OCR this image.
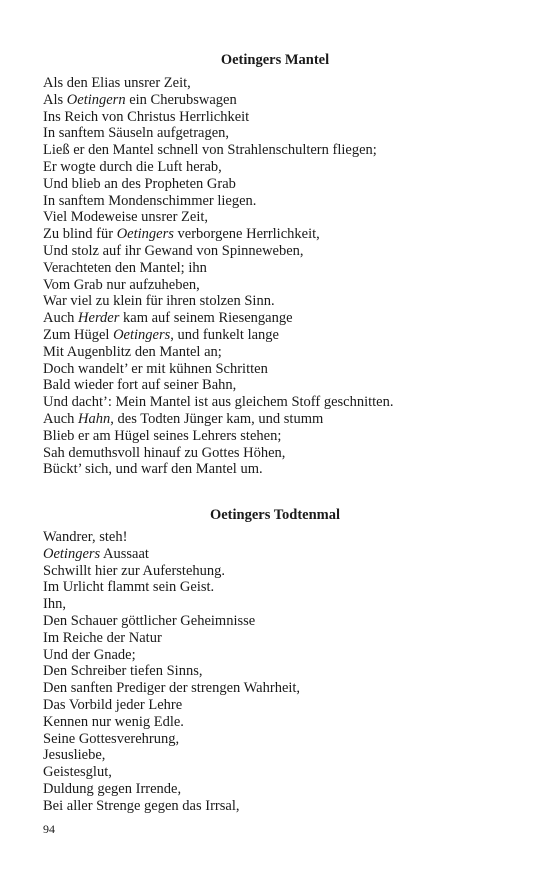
Oetingers Mantel
Als den Elias unsrer Zeit,
Als Oetingern ein Cherubswagen
Ins Reich von Christus Herrlichkeit
In sanftem Säuseln aufgetragen,
Ließ er den Mantel schnell von Strahlenschultern fliegen;
Er wogte durch die Luft herab,
Und blieb an des Propheten Grab
In sanftem Mondenschimmer liegen.
Viel Modeweise unsrer Zeit,
Zu blind für Oetingers verborgene Herrlichkeit,
Und stolz auf ihr Gewand von Spinneweben,
Verachteten den Mantel; ihn
Vom Grab nur aufzuheben,
War viel zu klein für ihren stolzen Sinn.
Auch Herder kam auf seinem Riesengange
Zum Hügel Oetingers, und funkelt lange
Mit Augenblitz den Mantel an;
Doch wandelt’ er mit kühnen Schritten
Bald wieder fort auf seiner Bahn,
Und dacht’: Mein Mantel ist aus gleichem Stoff geschnitten.
Auch Hahn, des Todten Jünger kam, und stumm
Blieb er am Hügel seines Lehrers stehen;
Sah demuthsvoll hinauf zu Gottes Höhen,
Bückt’ sich, und warf den Mantel um.
Oetingers Todtenmal
Wandrer, steh!
Oetingers Aussaat
Schwillt hier zur Auferstehung.
Im Urlicht flammt sein Geist.
Ihn,
Den Schauer göttlicher Geheimnisse
Im Reiche der Natur
Und der Gnade;
Den Schreiber tiefen Sinns,
Den sanften Prediger der strengen Wahrheit,
Das Vorbild jeder Lehre
Kennen nur wenig Edle.
Seine Gottesverehrung,
Jesusliebe,
Geistesglut,
Duldung gegen Irrende,
Bei aller Strenge gegen das Irrsal,
94
